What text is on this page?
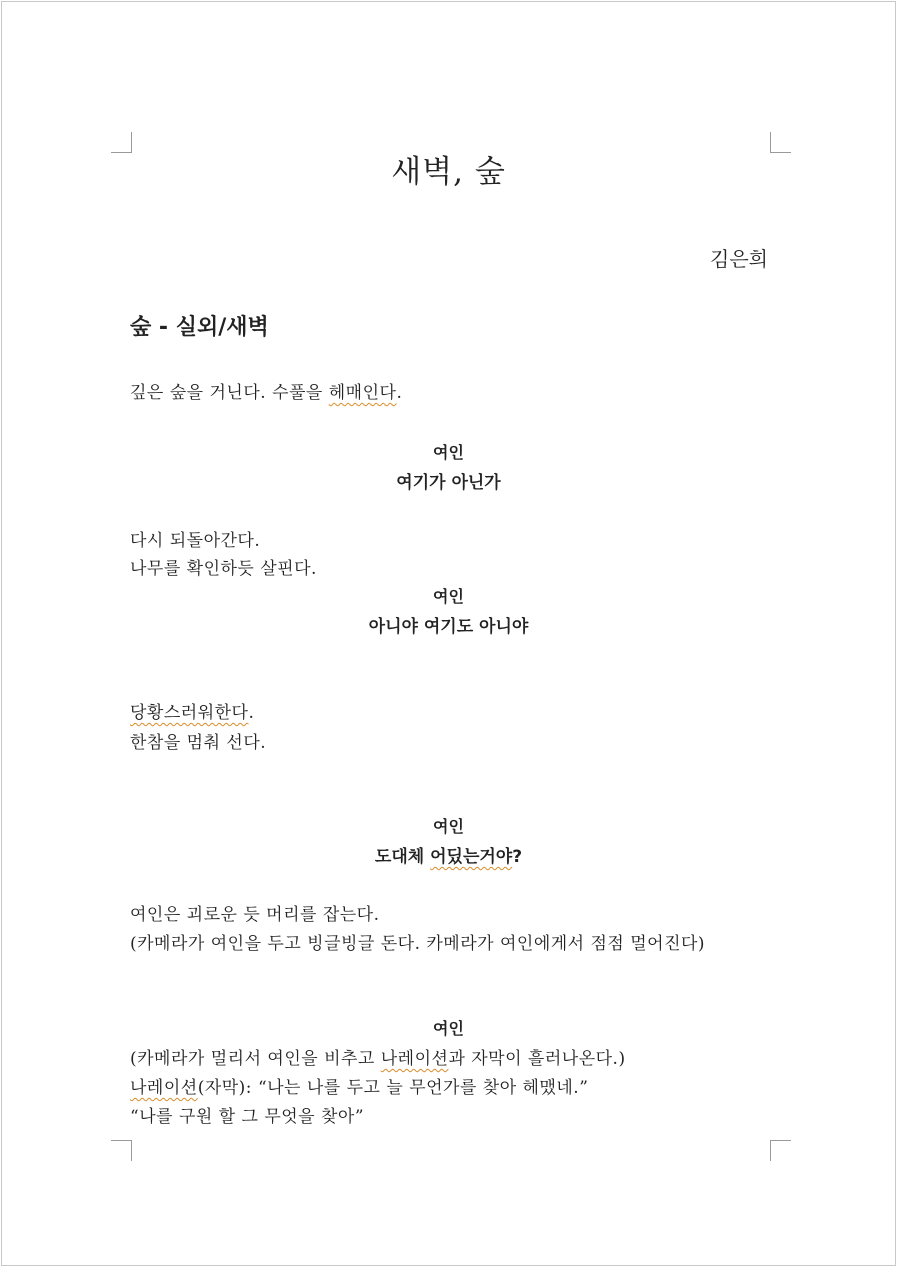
새벽, 숲
김은희
숲 - 실외/새벽
깊은 숲을 거닌다. 수풀을 헤매인다.
여인
여기가 아닌가
다시 되돌아간다.
나무를 확인하듯 살핀다.
여인
아니야 여기도 아니야
당황스러워한다.
한참을 멈춰 선다.
여인
도대체 어딨는거야?
여인은 괴로운 듯 머리를 잡는다.
(카메라가 여인을 두고 빙글빙글 돈다. 카메라가 여인에게서 점점 멀어진다)
여인
(카메라가 멀리서 여인을 비추고 나레이션과 자막이 흘러나온다.)
나레이션(자막): “나는 나를 두고 늘 무언가를 찾아 헤맸네.”
“나를 구원 할 그 무엇을 찾아”
